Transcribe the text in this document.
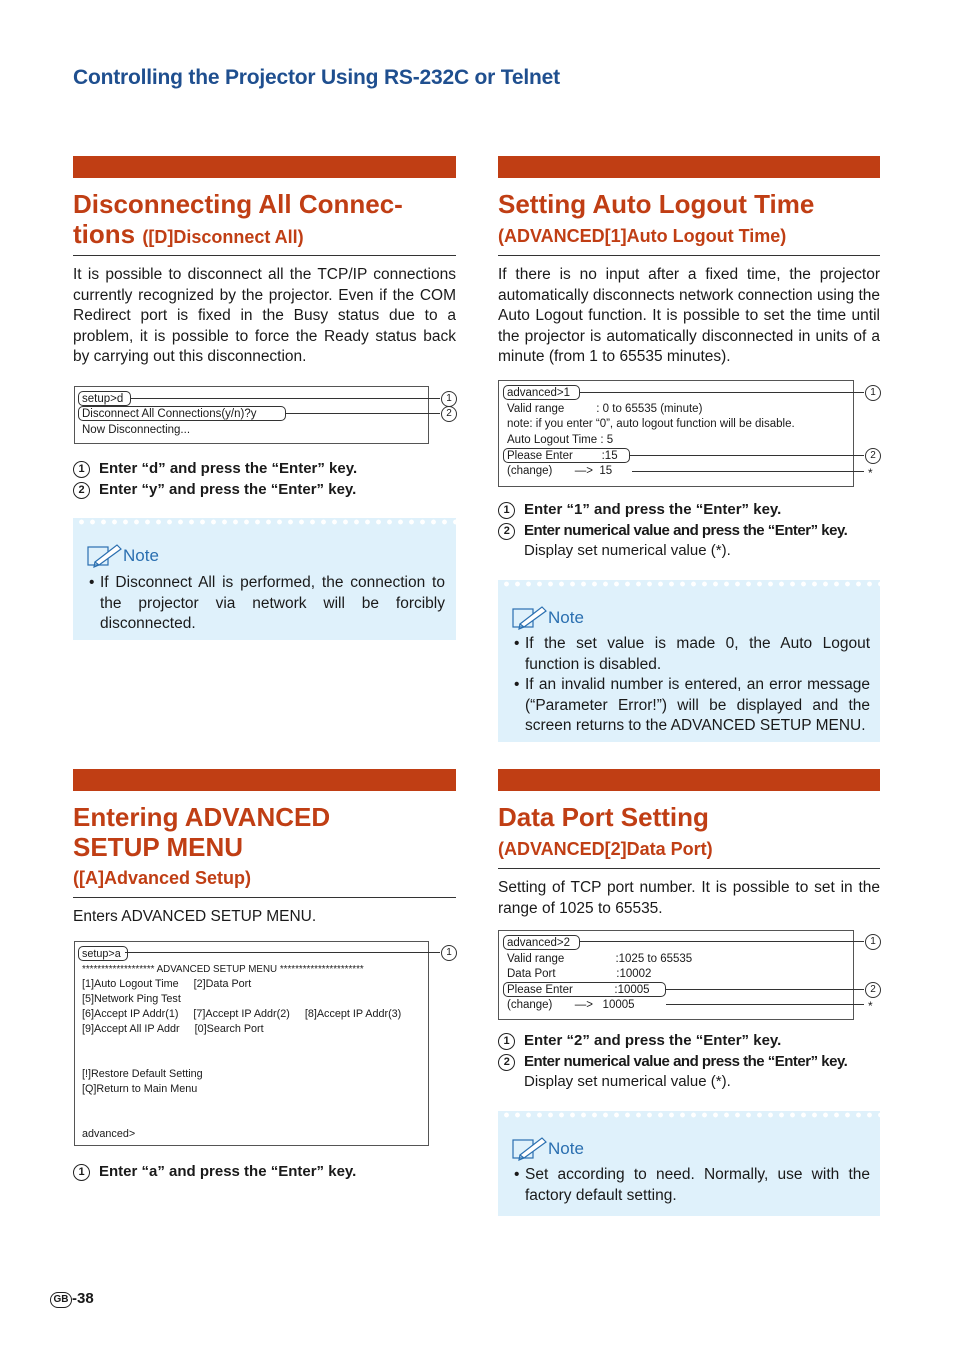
Controlling the Projector Using RS-232C or Telnet
Disconnecting All Connec-
tions ([D]Disconnect All)
It is possible to disconnect all the TCP/IP connections currently recognized by the projector. Even if the COM Redirect port is fixed in the Busy status due to a problem, it is possible to force the Ready status back by carrying out this disconnection.
setup>d
Disconnect All Connections(y/n)?y
Now Disconnecting...
1
2
1 Enter “d” and press the “Enter” key.
2 Enter “y” and press the “Enter” key.
Note
• If Disconnect All is performed, the connection to the projector via network will be forcibly disconnected.
Setting Auto Logout Time
(ADVANCED[1]Auto Logout Time)
If there is no input after a fixed time, the projector automatically disconnects network connection using the Auto Logout function. It is possible to set the time until the projector is automatically disconnected in units of a minute (from 1 to 65535 minutes).
advanced>1
Valid range          : 0 to 65535 (minute)
note: if you enter “0”, auto logout function will be disable.
Auto Logout Time : 5
Please Enter         :15
(change)       —>  15
1
2
*
1 Enter “1” and press the “Enter” key.
2 Enter numerical value and press the “Enter” key.
Display set numerical value (*).
Note
• If the set value is made 0, the Auto Logout function is disabled.
• If an invalid number is entered, an error message (“Parameter Error!”) will be displayed and the screen returns to the ADVANCED SETUP MENU.
Entering ADVANCED
SETUP MENU
([A]Advanced Setup)
Enters ADVANCED SETUP MENU.
setup>a
******************* ADVANCED SETUP MENU **********************
[1]Auto Logout Time     [2]Data Port
[5]Network Ping Test
[6]Accept IP Addr(1)     [7]Accept IP Addr(2)     [8]Accept IP Addr(3)
[9]Accept All IP Addr     [0]Search Port
[!]Restore Default Setting
[Q]Return to Main Menu
advanced>
1
1 Enter “a” and press the “Enter” key.
Data Port Setting
(ADVANCED[2]Data Port)
Setting of TCP port number. It is possible to set in the range of 1025 to 65535.
advanced>2
Valid range                :1025 to 65535
Data Port                   :10002
Please Enter             :10005
(change)       —>   10005
1
2
*
1 Enter “2” and press the “Enter” key.
2 Enter numerical value and press the “Enter” key.
Display set numerical value (*).
Note
• Set according to need. Normally, use with the factory default setting.
GB -38
